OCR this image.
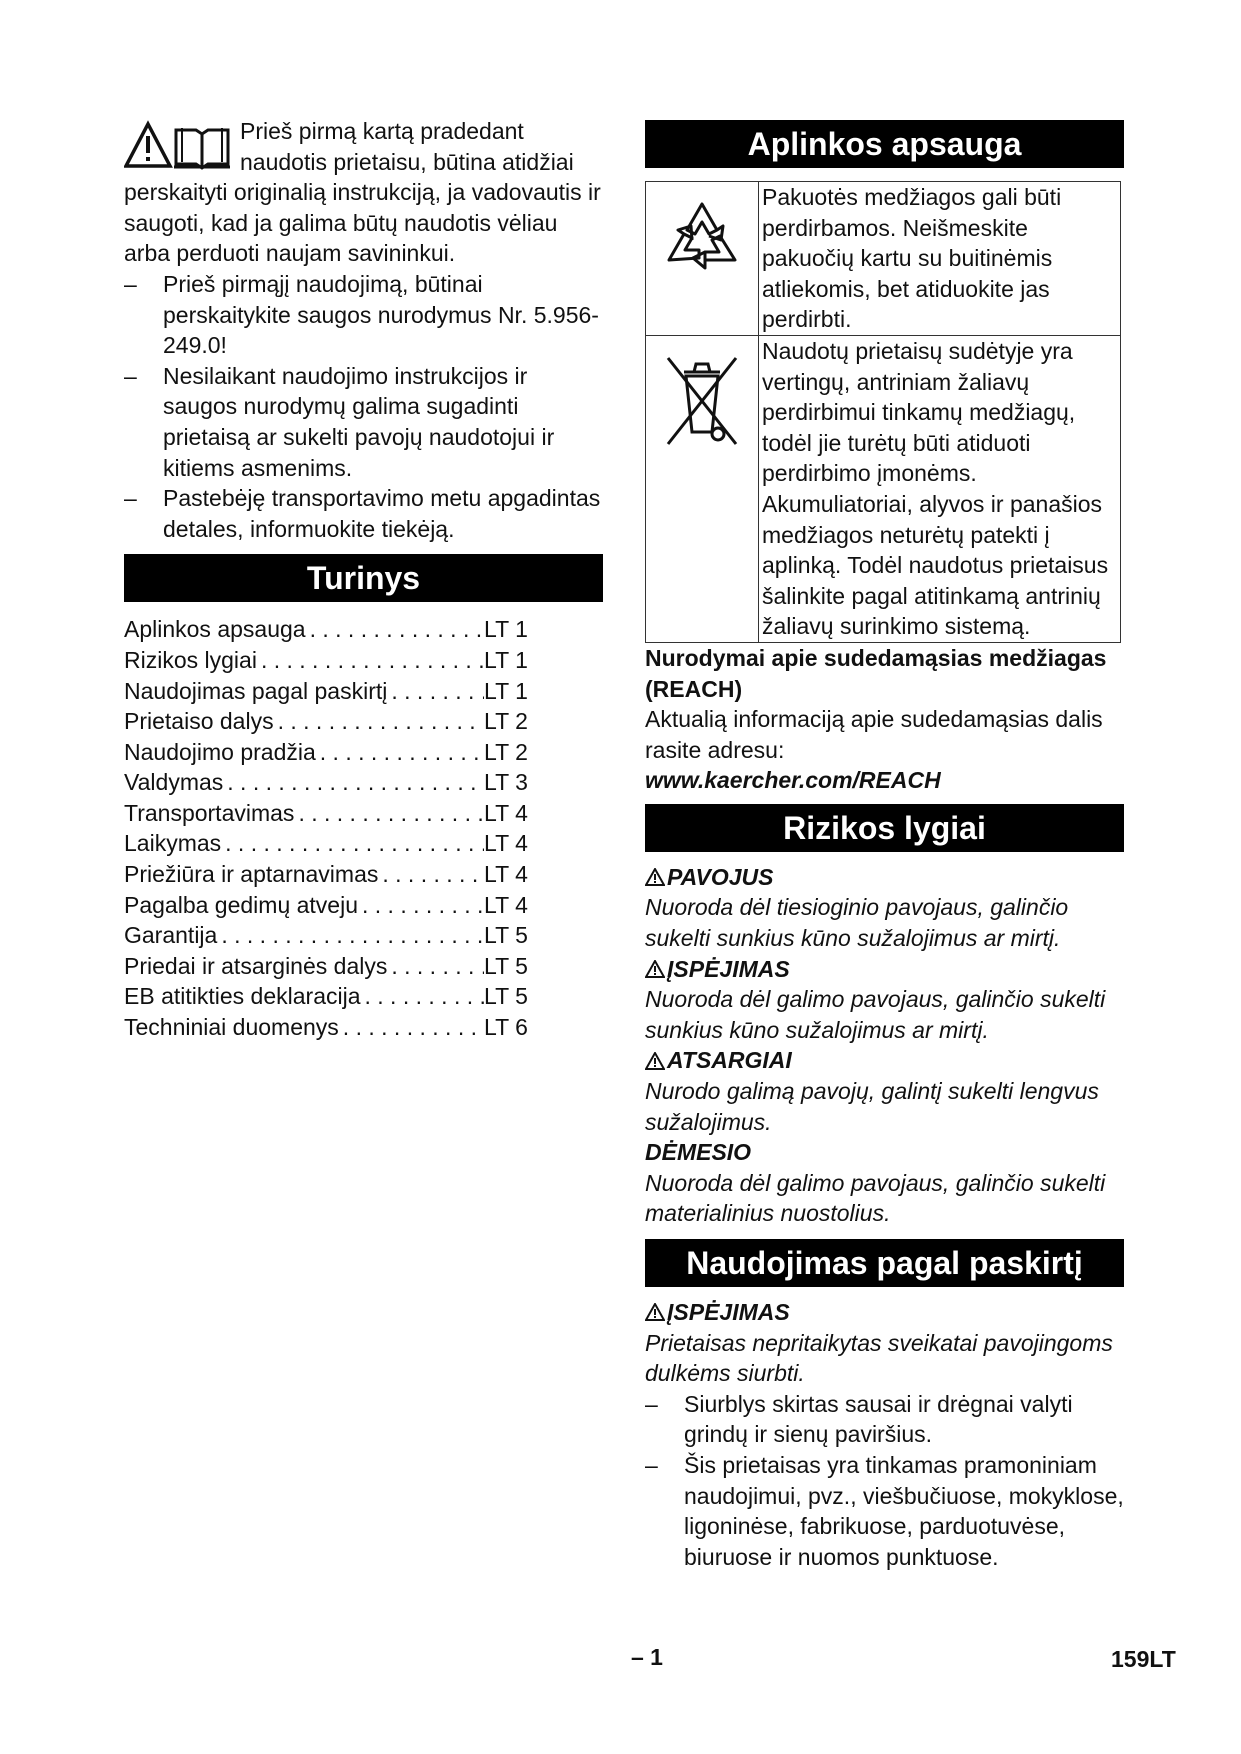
Prieš pirmą kartą pradedant naudotis prietaisu, būtina atidžiai perskaityti originalią instrukciją, ja vadovautis ir saugoti, kad ja galima būtų naudotis vėliau arba perduoti naujam savininkui.

– Prieš pirmąjį naudojimą, būtinai perskaitykite saugos nurodymus Nr. 5.956-249.0!
– Nesilaikant naudojimo instrukcijos ir saugos nurodymų galima sugadinti prietaisą ar sukelti pavojų naudotojui ir kitiems asmenims.
– Pastebėję transportavimo metu apgadintas detales, informuokite tiekėją.
Turinys
Aplinkos apsauga . . .	LT 1
Rizikos lygiai . . .	LT 1
Naudojimas pagal paskirtį . . .	LT 1
Prietaiso dalys . . .	LT 2
Naudojimo pradžia . . .	LT 2
Valdymas . . .	LT 3
Transportavimas . . .	LT 4
Laikymas . . .	LT 4
Priežiūra ir aptarnavimas . . .	LT 4
Pagalba gedimų atveju . . .	LT 4
Garantija . . .	LT 5
Priedai ir atsarginės dalys . . .	LT 5
EB atitikties deklaracija . . .	LT 5
Techniniai duomenys . . .	LT 6
Aplinkos apsauga
	Pakuotės medžiagos gali būti perdirbamos. Neišmeskite pakuočių kartu su buitinėmis atliekomis, bet atiduokite jas perdirbti.
	Naudotų prietaisų sudėtyje yra vertingų, antriniam žaliavų perdirbimui tinkamų medžiagų, todėl jie turėtų būti atiduoti perdirbimo įmonėms. Akumuliatoriai, alyvos ir panašios medžiagos neturėtų patekti į aplinką. Todėl naudotus prietaisus šalinkite pagal atitinkamą antrinių žaliavų surinkimo sistemą.

Nurodymai apie sudedamąsias medžiagas (REACH)

Aktualią informaciją apie sudedamąsias dalis rasite adresu:

www.kaercher.com/REACH

Rizikos lygiai
PAVOJUS

Nuoroda dėl tiesioginio pavojaus, galinčio sukelti sunkius kūno sužalojimus ar mirtį.

ĮSPĖJIMAS

Nuoroda dėl galimo pavojaus, galinčio sukelti sunkius kūno sužalojimus ar mirtį.

ATSARGIAI

Nurodo galimą pavojų, galintį sukelti lengvus sužalojimus.

DĖMESIO

Nuoroda dėl galimo pavojaus, galinčio sukelti materialinius nuostolius.

Naudojimas pagal paskirtį
ĮSPĖJIMAS

Prietaisas nepritaikytas sveikatai pavojingoms dulkėms siurbti.

– Siurblys skirtas sausai ir drėgnai valyti grindų ir sienų paviršius.
– Šis prietaisas yra tinkamas pramoniniam naudojimui, pvz., viešbučiuose, mokyklose, ligoninėse, fabrikuose, parduotuvėse, biuruose ir nuomos punktuose.
– 1	159LT
